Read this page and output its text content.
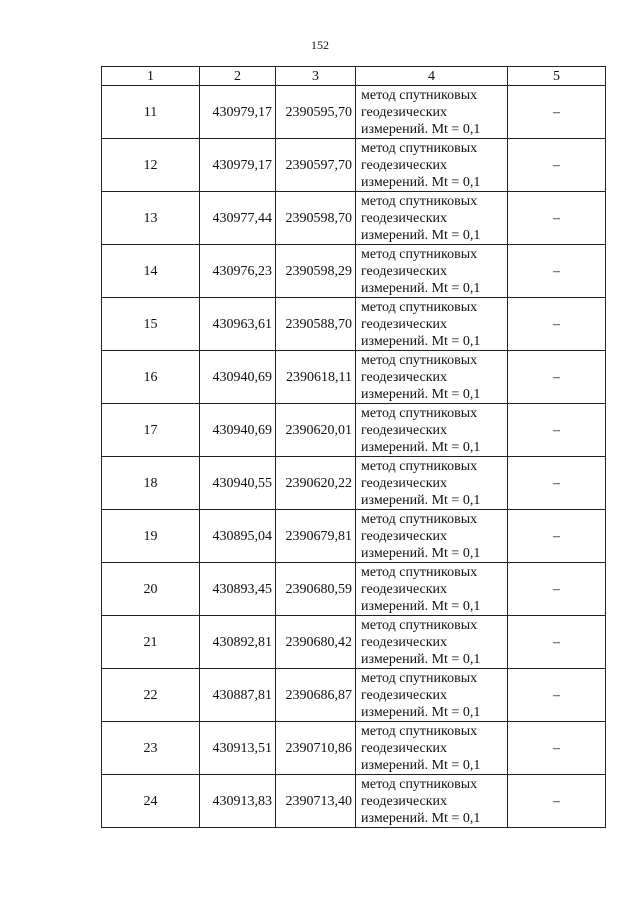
152
1	2	3	4	5
11	430979,17	2390595,70	метод спутниковых
геодезических
измерений. Mt = 0,1	–
12	430979,17	2390597,70	метод спутниковых
геодезических
измерений. Mt = 0,1	–
13	430977,44	2390598,70	метод спутниковых
геодезических
измерений. Mt = 0,1	–
14	430976,23	2390598,29	метод спутниковых
геодезических
измерений. Mt = 0,1	–
15	430963,61	2390588,70	метод спутниковых
геодезических
измерений. Mt = 0,1	–
16	430940,69	2390618,11	метод спутниковых
геодезических
измерений. Mt = 0,1	–
17	430940,69	2390620,01	метод спутниковых
геодезических
измерений. Mt = 0,1	–
18	430940,55	2390620,22	метод спутниковых
геодезических
измерений. Mt = 0,1	–
19	430895,04	2390679,81	метод спутниковых
геодезических
измерений. Mt = 0,1	–
20	430893,45	2390680,59	метод спутниковых
геодезических
измерений. Mt = 0,1	–
21	430892,81	2390680,42	метод спутниковых
геодезических
измерений. Mt = 0,1	–
22	430887,81	2390686,87	метод спутниковых
геодезических
измерений. Mt = 0,1	–
23	430913,51	2390710,86	метод спутниковых
геодезических
измерений. Mt = 0,1	–
24	430913,83	2390713,40	метод спутниковых
геодезических
измерений. Mt = 0,1	–
